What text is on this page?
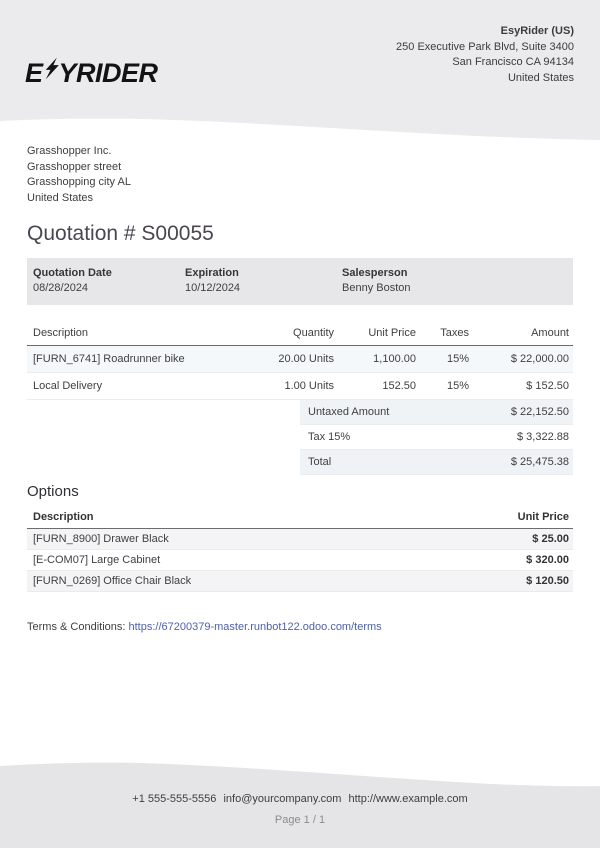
E YRIDER
EsyRider (US)
250 Executive Park Blvd, Suite 3400
San Francisco CA 94134
United States
Grasshopper Inc.
Grasshopper street
Grasshopping city AL
United States
Quotation # S00055
Quotation Date
08/28/2024
Expiration
10/12/2024
Salesperson
Benny Boston
Description	Quantity	Unit Price	Taxes	Amount
[FURN_6741] Roadrunner bike	20.00 Units	1,100.00	15%	$ 22,000.00
Local Delivery	1.00 Units	152.50	15%	$ 152.50
Untaxed Amount	$ 22,152.50
Tax 15%	$ 3,322.88
Total	$ 25,475.38
Options
Description	Unit Price
[FURN_8900] Drawer Black	$ 25.00
[E-COM07] Large Cabinet	$ 320.00
[FURN_0269] Office Chair Black	$ 120.50
Terms & Conditions: https://67200379-master.runbot122.odoo.com/terms
+1 555-555-5556 info@yourcompany.com http://www.example.com
Page 1 / 1
